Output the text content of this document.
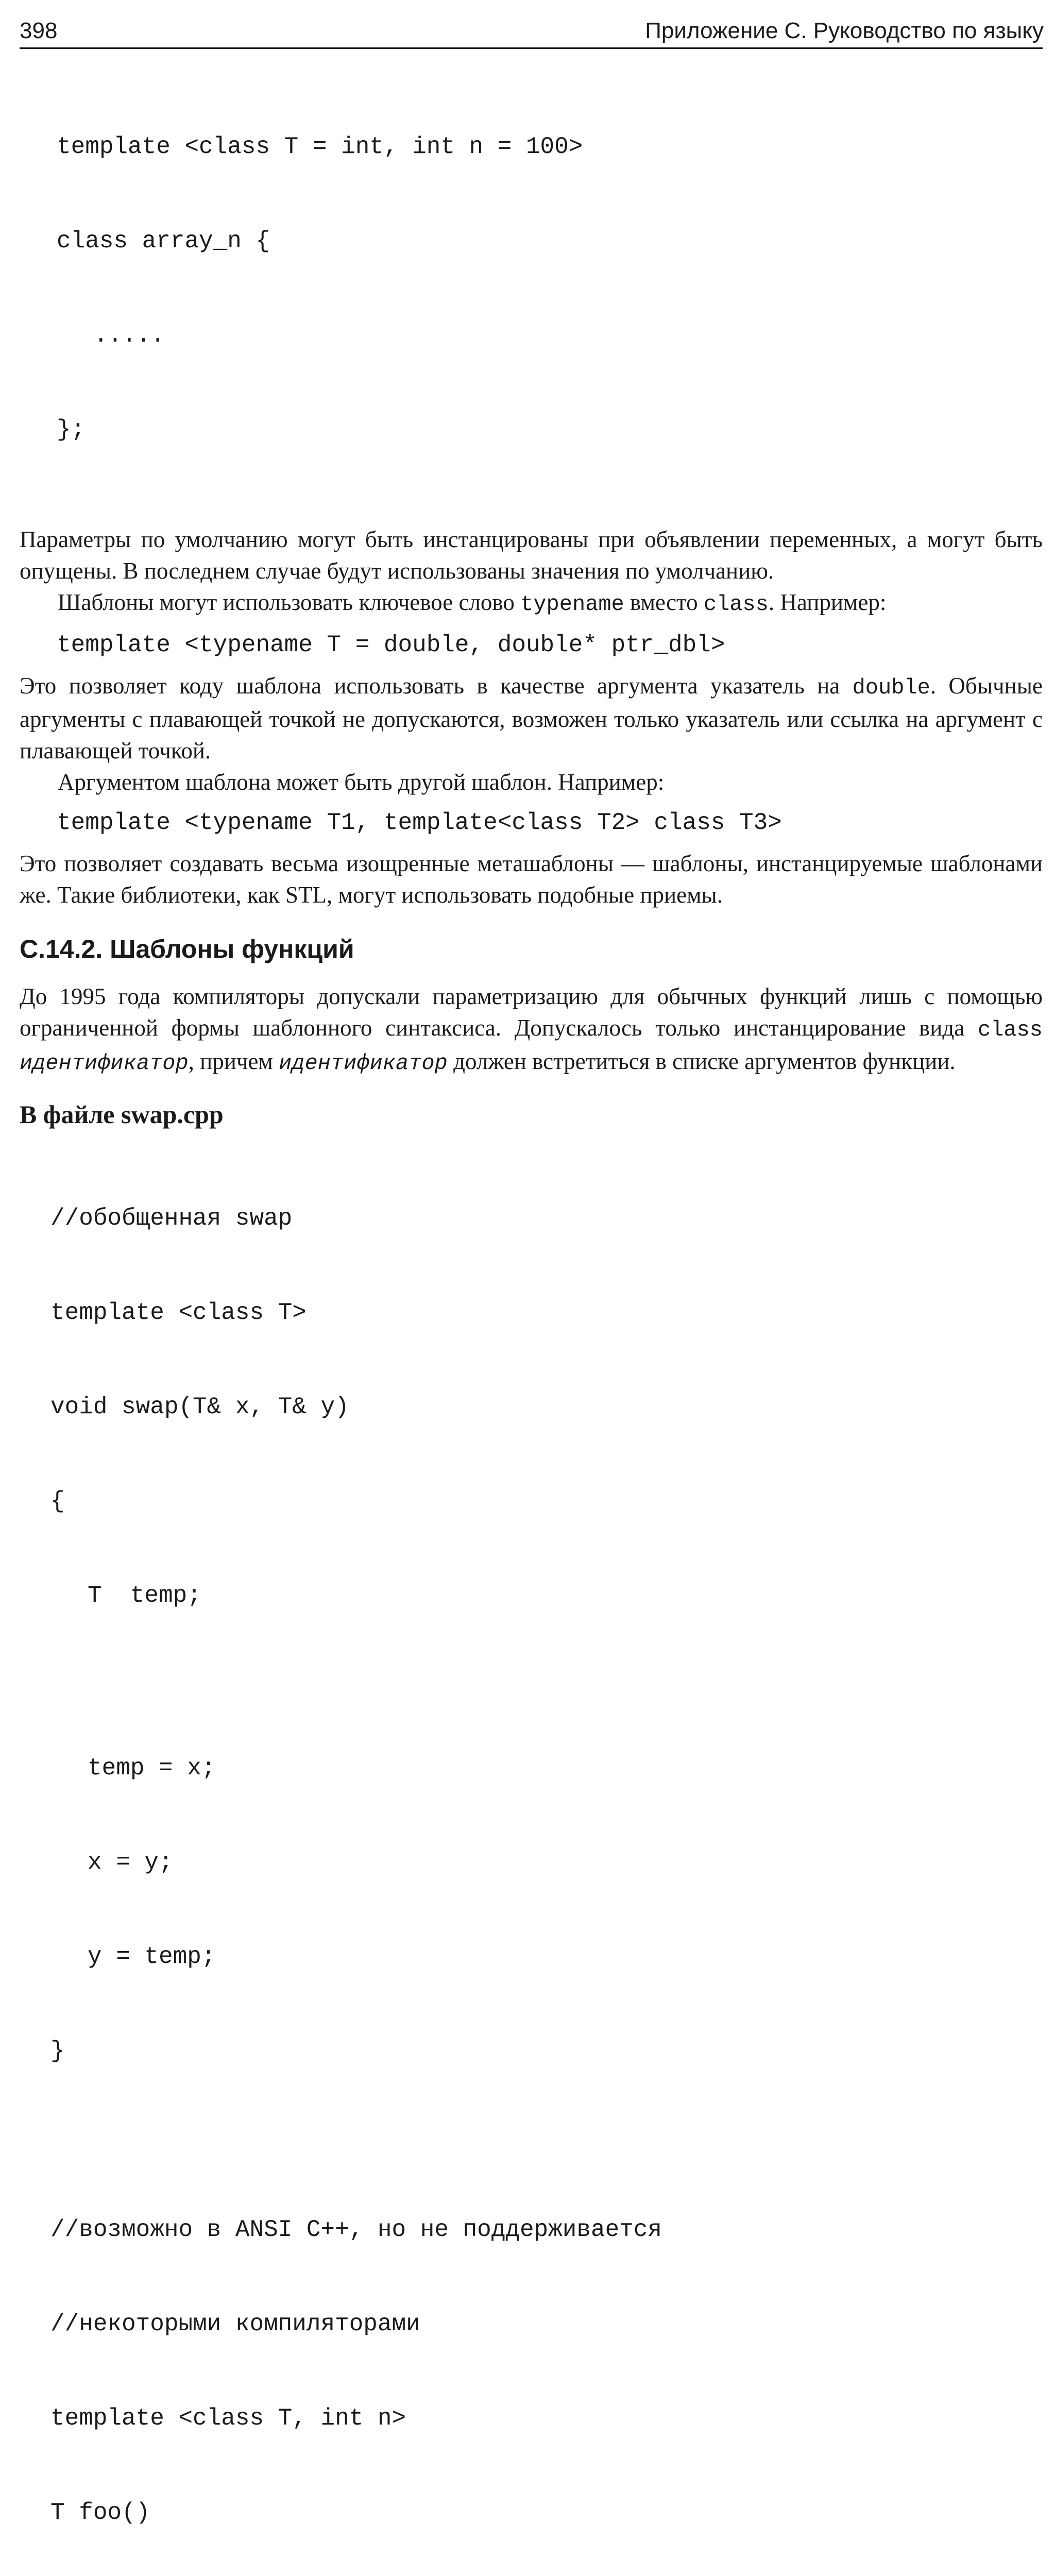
398	Приложение С. Руководство по языку

template <class T = int, int n = 100>

class array_n {

.....

};

Параметры по умолчанию могут быть инстанцированы при объявлении переменных, а могут быть опущены. В последнем случае будут использованы значения по умолчанию.

Шаблоны могут использовать ключевое слово typename вместо class. Например:

template <typename T = double, double* ptr_dbl>

Это позволяет коду шаблона использовать в качестве аргумента указатель на double. Обычные аргументы с плавающей точкой не допускаются, возможен только указатель или ссылка на аргумент с плавающей точкой.

Аргументом шаблона может быть другой шаблон. Например:

template <typename T1, template<class T2> class T3>

Это позволяет создавать весьма изощренные меташаблоны — шаблоны, инстанцируемые шаблонами же. Такие библиотеки, как STL, могут использовать подобные приемы.

С.14.2. Шаблоны функций

До 1995 года компиляторы допускали параметризацию для обычных функций лишь с помощью ограниченной формы шаблонного синтаксиса. Допускалось только инстанцирование вида class идентификатор, причем идентификатор должен встретиться в списке аргументов функции.

В файле swap.cpp

//обобщенная swap

template <class T>

void swap(T& x, T& y)

{

T  temp;

temp = x;

x = y;

y = temp;

}

//возможно в ANSI C++, но не поддерживается

//некоторыми компиляторами

template <class T, int n>

T foo()
